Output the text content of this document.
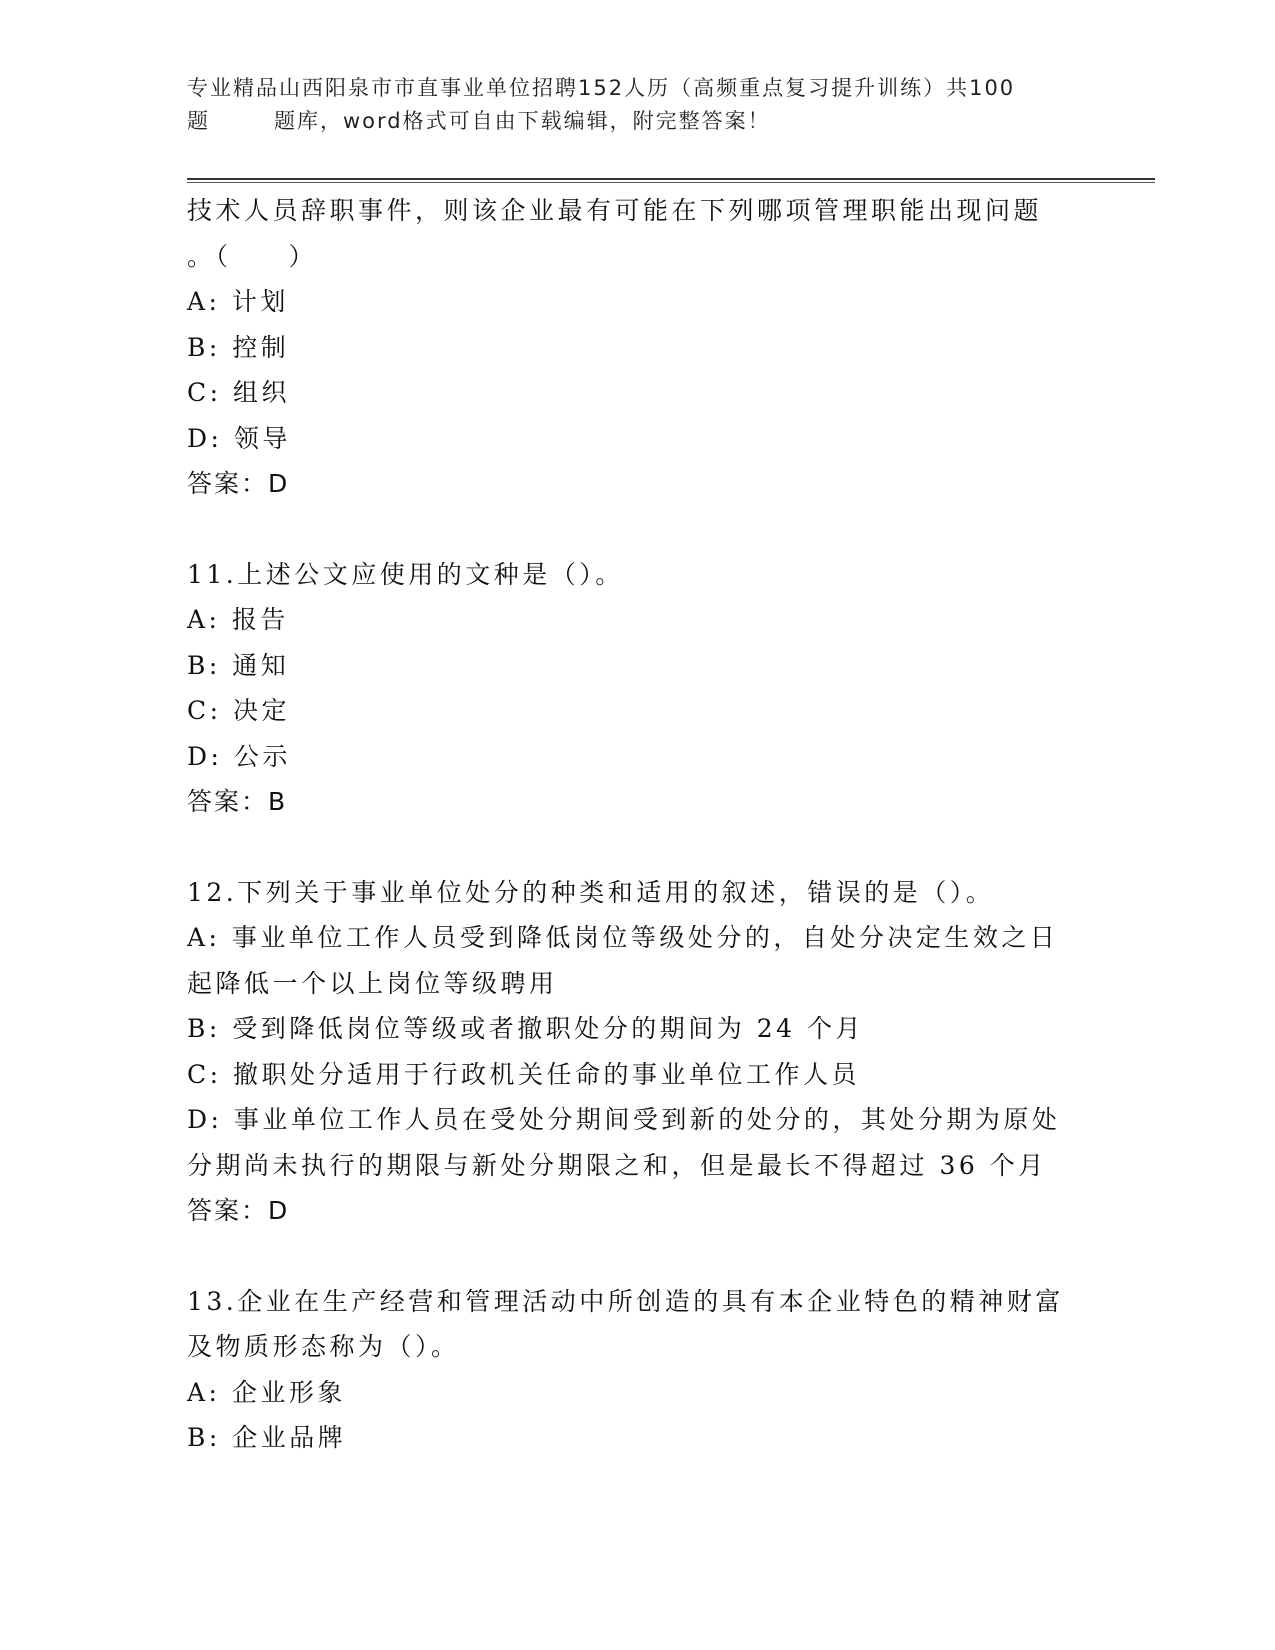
专业精品山西阳泉市市直事业单位招聘152人历（高频重点复习提升训练）共100
题	题库，word格式可自由下载编辑，附完整答案！
技术人员辞职事件，则该企业最有可能在下列哪项管理职能出现问题
。（　　）
A: 计划
B: 控制
C: 组织
D: 领导
答案：D
11.上述公文应使用的文种是（）。
A: 报告
B: 通知
C: 决定
D: 公示
答案：B
12.下列关于事业单位处分的种类和适用的叙述，错误的是（）。
A: 事业单位工作人员受到降低岗位等级处分的，自处分决定生效之日
起降低一个以上岗位等级聘用
B: 受到降低岗位等级或者撤职处分的期间为 24 个月
C: 撤职处分适用于行政机关任命的事业单位工作人员
D: 事业单位工作人员在受处分期间受到新的处分的，其处分期为原处
分期尚未执行的期限与新处分期限之和，但是最长不得超过 36 个月
答案：D
13.企业在生产经营和管理活动中所创造的具有本企业特色的精神财富
及物质形态称为（）。
A: 企业形象
B: 企业品牌
